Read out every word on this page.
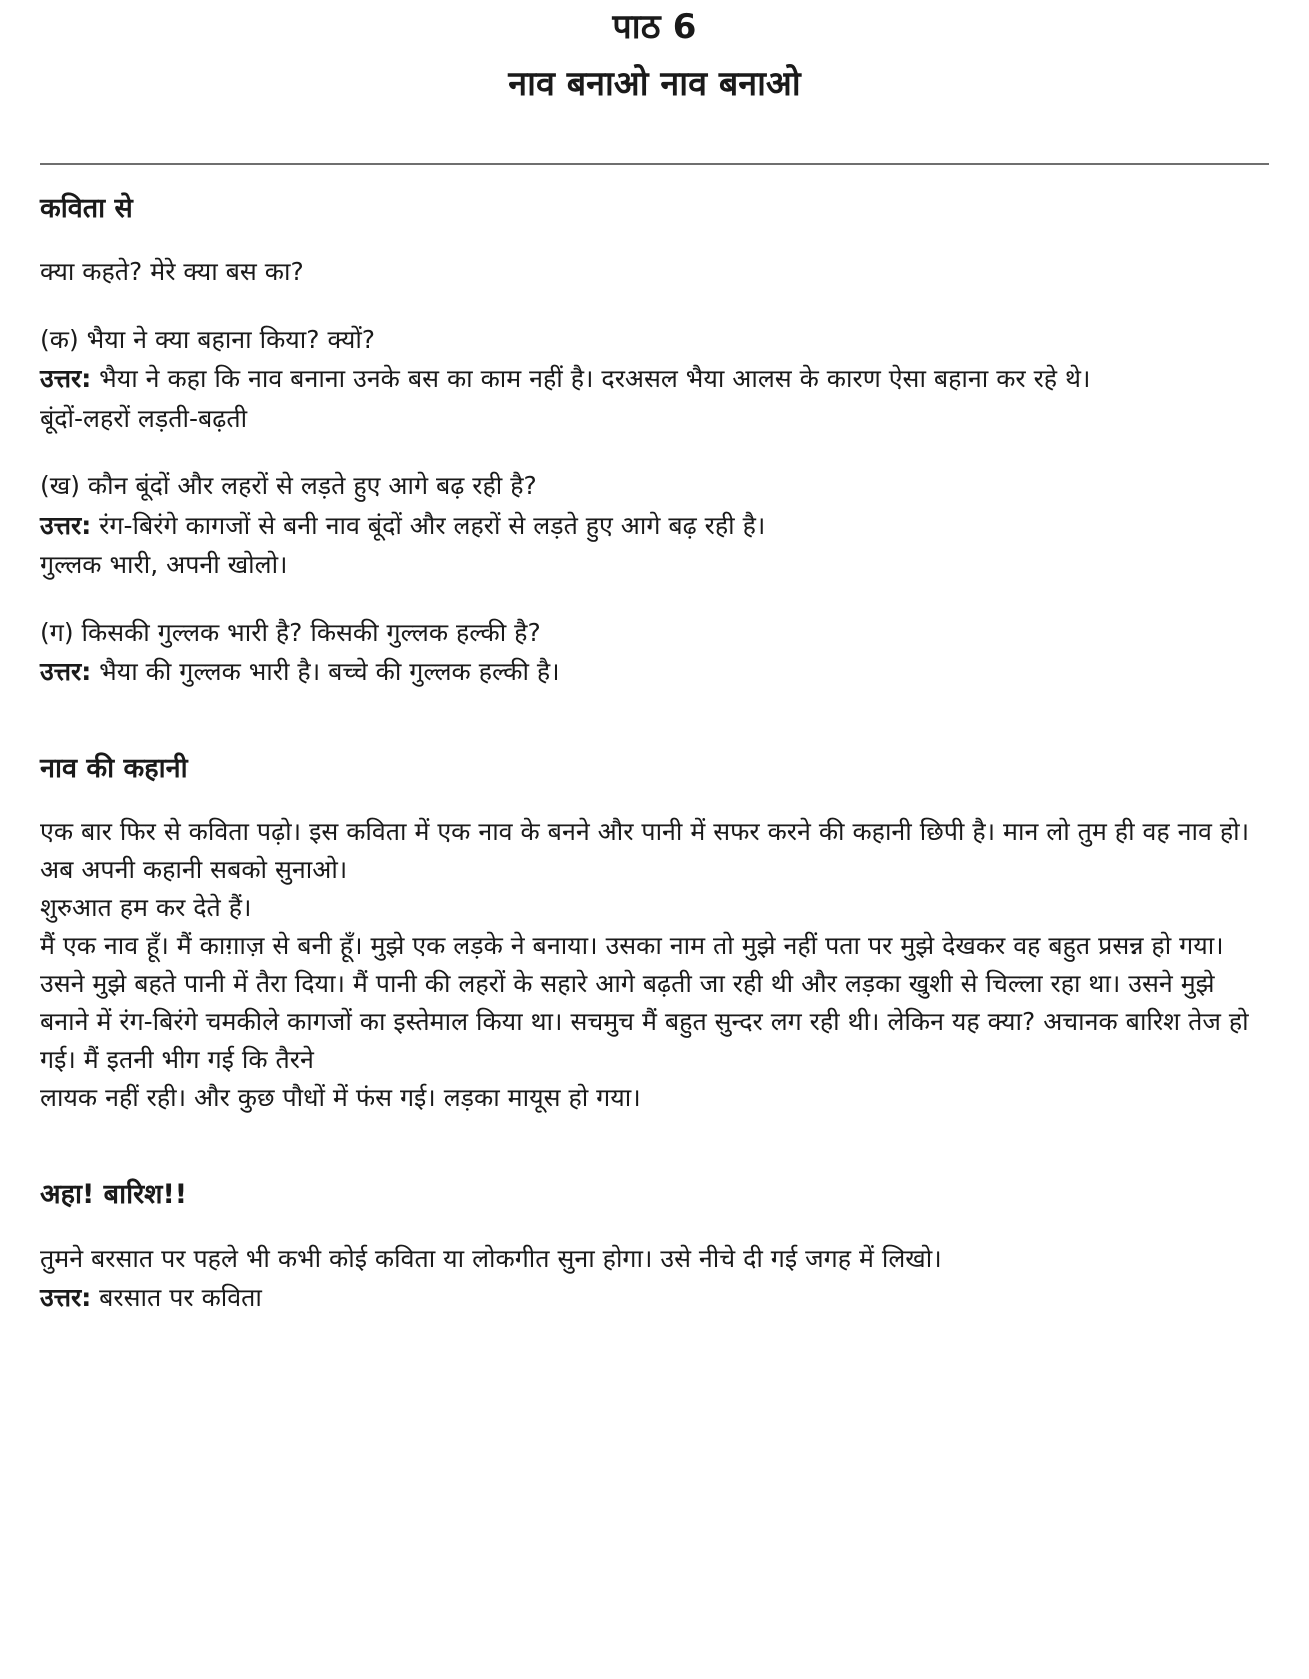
पाठ 6
नाव बनाओ नाव बनाओ
कविता से

क्या कहते? मेरे क्या बस का?

(क) भैया ने क्या बहाना किया? क्यों?

उत्तर: भैया ने कहा कि नाव बनाना उनके बस का काम नहीं है। दरअसल भैया आलस के कारण ऐसा बहाना कर रहे थे।

बूंदों-लहरों लड़ती-बढ़ती

(ख) कौन बूंदों और लहरों से लड़ते हुए आगे बढ़ रही है?

उत्तर: रंग-बिरंगे कागजों से बनी नाव बूंदों और लहरों से लड़ते हुए आगे बढ़ रही है।

गुल्लक भारी, अपनी खोलो।

(ग) किसकी गुल्लक भारी है? किसकी गुल्लक हल्की है?

उत्तर: भैया की गुल्लक भारी है। बच्चे की गुल्लक हल्की है।

नाव की कहानी

एक बार फिर से कविता पढ़ो। इस कविता में एक नाव के बनने और पानी में सफर करने की कहानी छिपी है। मान लो तुम ही वह नाव हो। अब अपनी कहानी सबको सुनाओ।

शुरुआत हम कर देते हैं।

मैं एक नाव हूँ। मैं काग़ाज़ से बनी हूँ। मुझे एक लड़के ने बनाया। उसका नाम तो मुझे नहीं पता पर मुझे देखकर वह बहुत प्रसन्न हो गया। उसने मुझे बहते पानी में तैरा दिया। मैं पानी की लहरों के सहारे आगे बढ़ती जा रही थी और लड़का खुशी से चिल्ला रहा था। उसने मुझे बनाने में रंग-बिरंगे चमकीले कागजों का इस्तेमाल किया था। सचमुच मैं बहुत सुन्दर लग रही थी। लेकिन यह क्या? अचानक बारिश तेज हो गई। मैं इतनी भीग गई कि तैरने

लायक नहीं रही। और कुछ पौधों में फंस गई। लड़का मायूस हो गया।

अहा! बारिश!!

तुमने बरसात पर पहले भी कभी कोई कविता या लोकगीत सुना होगा। उसे नीचे दी गई जगह में लिखो।

उत्तर: बरसात पर कविता
